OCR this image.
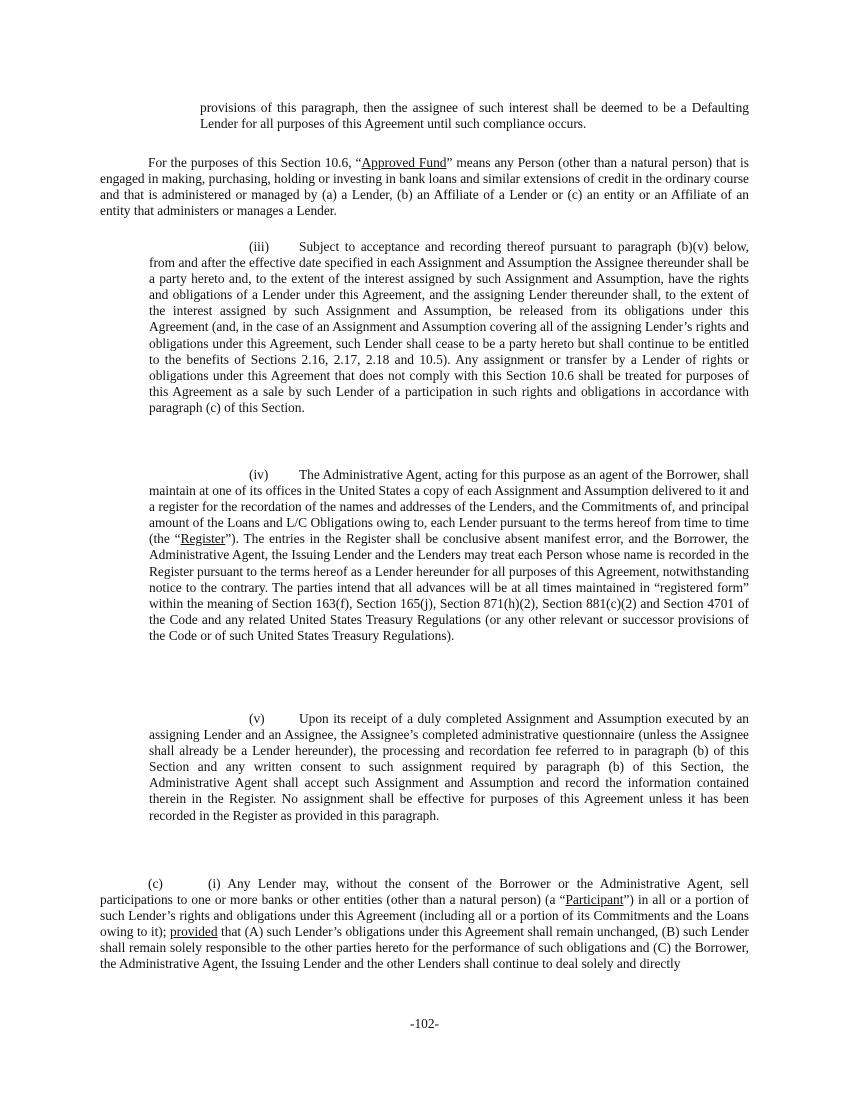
provisions of this paragraph, then the assignee of such interest shall be deemed to be a Defaulting Lender for all purposes of this Agreement until such compliance occurs.

For the purposes of this Section 10.6, “Approved Fund” means any Person (other than a natural person) that is engaged in making, purchasing, holding or investing in bank loans and similar extensions of credit in the ordinary course and that is administered or managed by (a) a Lender, (b) an Affiliate of a Lender or (c) an entity or an Affiliate of an entity that administers or manages a Lender.

(iii) Subject to acceptance and recording thereof pursuant to paragraph (b)(v) below, from and after the effective date specified in each Assignment and Assumption the Assignee thereunder shall be a party hereto and, to the extent of the interest assigned by such Assignment and Assumption, have the rights and obligations of a Lender under this Agreement, and the assigning Lender thereunder shall, to the extent of the interest assigned by such Assignment and Assumption, be released from its obligations under this Agreement (and, in the case of an Assignment and Assumption covering all of the assigning Lender’s rights and obligations under this Agreement, such Lender shall cease to be a party hereto but shall continue to be entitled to the benefits of Sections 2.16, 2.17, 2.18 and 10.5). Any assignment or transfer by a Lender of rights or obligations under this Agreement that does not comply with this Section 10.6 shall be treated for purposes of this Agreement as a sale by such Lender of a participation in such rights and obligations in accordance with paragraph (c) of this Section.

(iv) The Administrative Agent, acting for this purpose as an agent of the Borrower, shall maintain at one of its offices in the United States a copy of each Assignment and Assumption delivered to it and a register for the recordation of the names and addresses of the Lenders, and the Commitments of, and principal amount of the Loans and L/C Obligations owing to, each Lender pursuant to the terms hereof from time to time (the “Register”). The entries in the Register shall be conclusive absent manifest error, and the Borrower, the Administrative Agent, the Issuing Lender and the Lenders may treat each Person whose name is recorded in the Register pursuant to the terms hereof as a Lender hereunder for all purposes of this Agreement, notwithstanding notice to the contrary. The parties intend that all advances will be at all times maintained in “registered form” within the meaning of Section 163(f), Section 165(j), Section 871(h)(2), Section 881(c)(2) and Section 4701 of the Code and any related United States Treasury Regulations (or any other relevant or successor provisions of the Code or of such United States Treasury Regulations).

(v)	Upon its receipt of a duly completed Assignment and Assumption executed by an assigning Lender and an Assignee, the Assignee’s completed administrative questionnaire (unless the Assignee shall already be a Lender hereunder), the processing and recordation fee referred to in paragraph (b) of this Section and any written consent to such assignment required by paragraph (b) of this Section, the Administrative Agent shall accept such Assignment and Assumption and record the information contained therein in the Register. No assignment shall be effective for purposes of this Agreement unless it has been recorded in the Register as provided in this paragraph.

(c)	(i) Any Lender may, without the consent of the Borrower or the Administrative Agent, sell participations to one or more banks or other entities (other than a natural person) (a “Participant”) in all or a portion of such Lender’s rights and obligations under this Agreement (including all or a portion of its Commitments and the Loans owing to it); provided that (A) such Lender’s obligations under this Agreement shall remain unchanged, (B) such Lender shall remain solely responsible to the other parties hereto for the performance of such obligations and (C) the Borrower, the Administrative Agent, the Issuing Lender and the other Lenders shall continue to deal solely and directly

-102-
